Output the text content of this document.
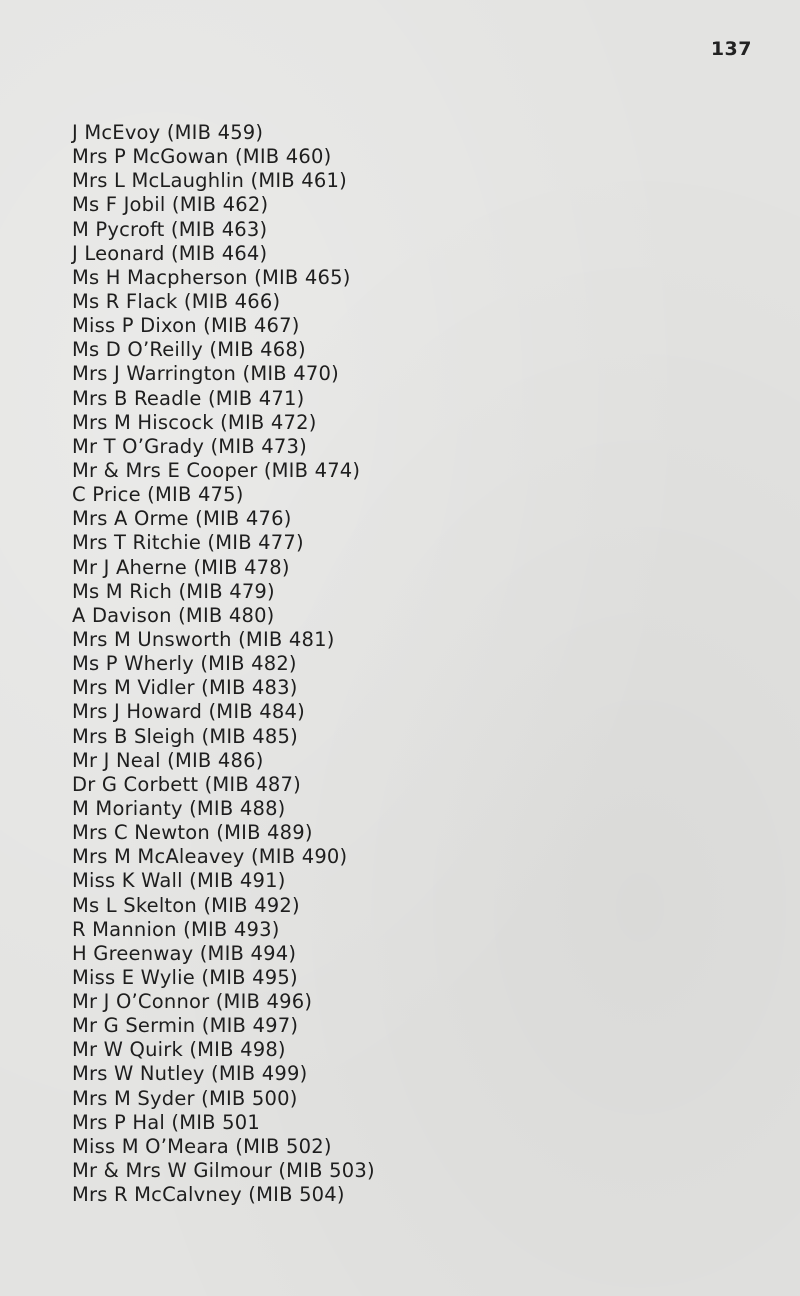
137
J McEvoy (MIB 459)
Mrs P McGowan (MIB 460)
Mrs L McLaughlin (MIB 461)
Ms F Jobil (MIB 462)
M Pycroft (MIB 463)
J Leonard (MIB 464)
Ms H Macpherson (MIB 465)
Ms R Flack (MIB 466)
Miss P Dixon (MIB 467)
Ms D O’Reilly (MIB 468)
Mrs J Warrington (MIB 470)
Mrs B Readle (MIB 471)
Mrs M Hiscock (MIB 472)
Mr T O’Grady (MIB 473)
Mr & Mrs E Cooper (MIB 474)
C Price (MIB 475)
Mrs A Orme (MIB 476)
Mrs T Ritchie (MIB 477)
Mr J Aherne (MIB 478)
Ms M Rich (MIB 479)
A Davison (MIB 480)
Mrs M Unsworth (MIB 481)
Ms P Wherly (MIB 482)
Mrs M Vidler (MIB 483)
Mrs J Howard (MIB 484)
Mrs B Sleigh (MIB 485)
Mr J Neal (MIB 486)
Dr G Corbett (MIB 487)
M Morianty (MIB 488)
Mrs C Newton (MIB 489)
Mrs M McAleavey (MIB 490)
Miss K Wall (MIB 491)
Ms L Skelton (MIB 492)
R Mannion (MIB 493)
H Greenway (MIB 494)
Miss E Wylie (MIB 495)
Mr J O’Connor (MIB 496)
Mr G Sermin (MIB 497)
Mr W Quirk (MIB 498)
Mrs W Nutley (MIB 499)
Mrs M Syder (MIB 500)
Mrs P Hal (MIB 501
Miss M O’Meara (MIB 502)
Mr & Mrs W Gilmour (MIB 503)
Mrs R McCalvney (MIB 504)
